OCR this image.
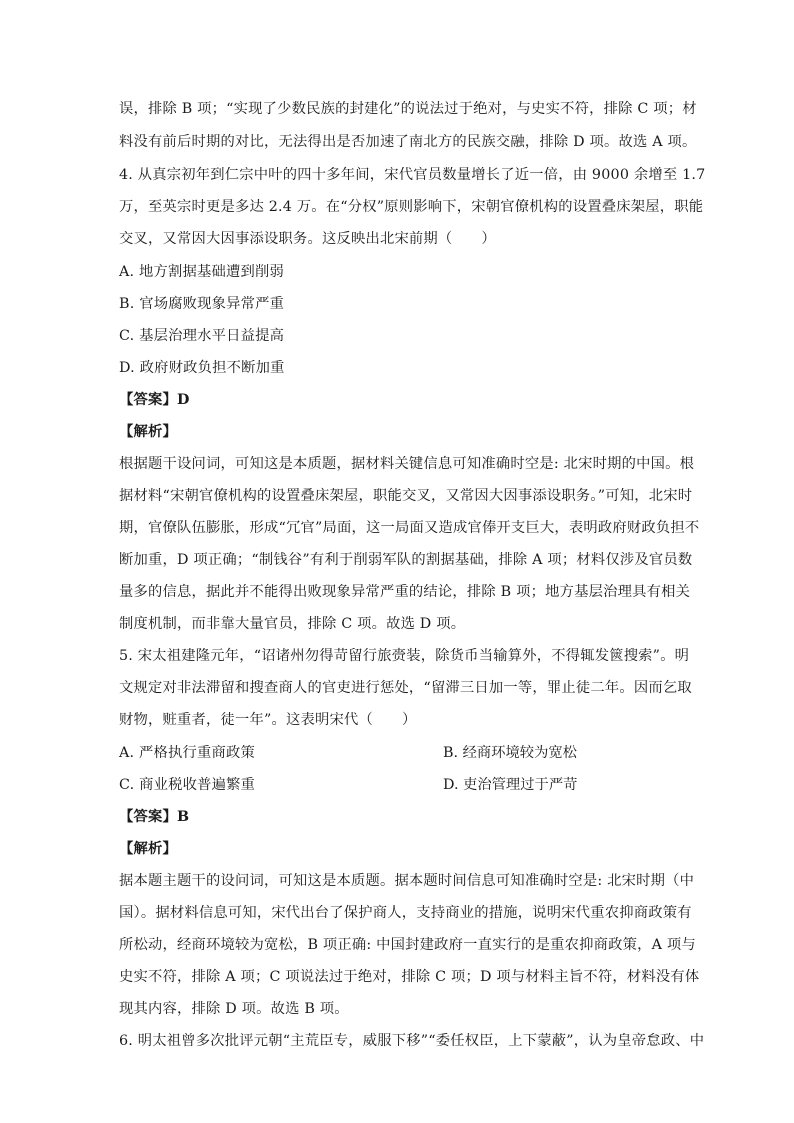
误，排除 B 项；“实现了少数民族的封建化”的说法过于绝对，与史实不符，排除 C 项；材
料没有前后时期的对比，无法得出是否加速了南北方的民族交融，排除 D 项。故选 A 项。
4. 从真宗初年到仁宗中叶的四十多年间，宋代官员数量增长了近一倍，由 9000 余增至 1.7
万，至英宗时更是多达 2.4 万。在“分权”原则影响下，宋朝官僚机构的设置叠床架屋，职能
交叉，又常因大因事添设职务。这反映出北宋前期（　　）
A. 地方割据基础遭到削弱
B. 官场腐败现象异常严重
C. 基层治理水平日益提高
D. 政府财政负担不断加重
【答案】D
【解析】
根据题干设问词，可知这是本质题，据材料关键信息可知准确时空是: 北宋时期的中国。根
据材料“宋朝官僚机构的设置叠床架屋，职能交叉，又常因大因事添设职务。”可知，北宋时
期，官僚队伍膨胀，形成“冗官”局面，这一局面又造成官俸开支巨大，表明政府财政负担不
断加重，D 项正确；“制钱谷”有利于削弱军队的割据基础，排除 A 项；材料仅涉及官员数
量多的信息，据此并不能得出败现象异常严重的结论，排除 B 项；地方基层治理具有相关
制度机制，而非靠大量官员，排除 C 项。故选 D 项。
5. 宋太祖建隆元年，“诏诸州勿得苛留行旅赍装，除货币当输算外，不得辄发篋搜索”。明
文规定对非法滞留和搜查商人的官吏进行惩处，“留滞三日加一等，罪止徒二年。因而乞取
财物，赃重者，徒一年”。这表明宋代（　　）
A. 严格执行重商政策	B. 经商环境较为宽松
C. 商业税收普遍繁重	D. 吏治管理过于严苛
【答案】B
【解析】
据本题主题干的设问词，可知这是本质题。据本题时间信息可知准确时空是: 北宋时期（中
国）。据材料信息可知，宋代出台了保护商人，支持商业的措施，说明宋代重农抑商政策有
所松动，经商环境较为宽松，B 项正确: 中国封建政府一直实行的是重农抑商政策，A 项与
史实不符，排除 A 项；C 项说法过于绝对，排除 C 项；D 项与材料主旨不符，材料没有体
现其内容，排除 D 项。故选 B 项。
6. 明太祖曾多次批评元朝“主荒臣专，威服下移”“委任权臣，上下蒙蔽”，认为皇帝怠政、中
